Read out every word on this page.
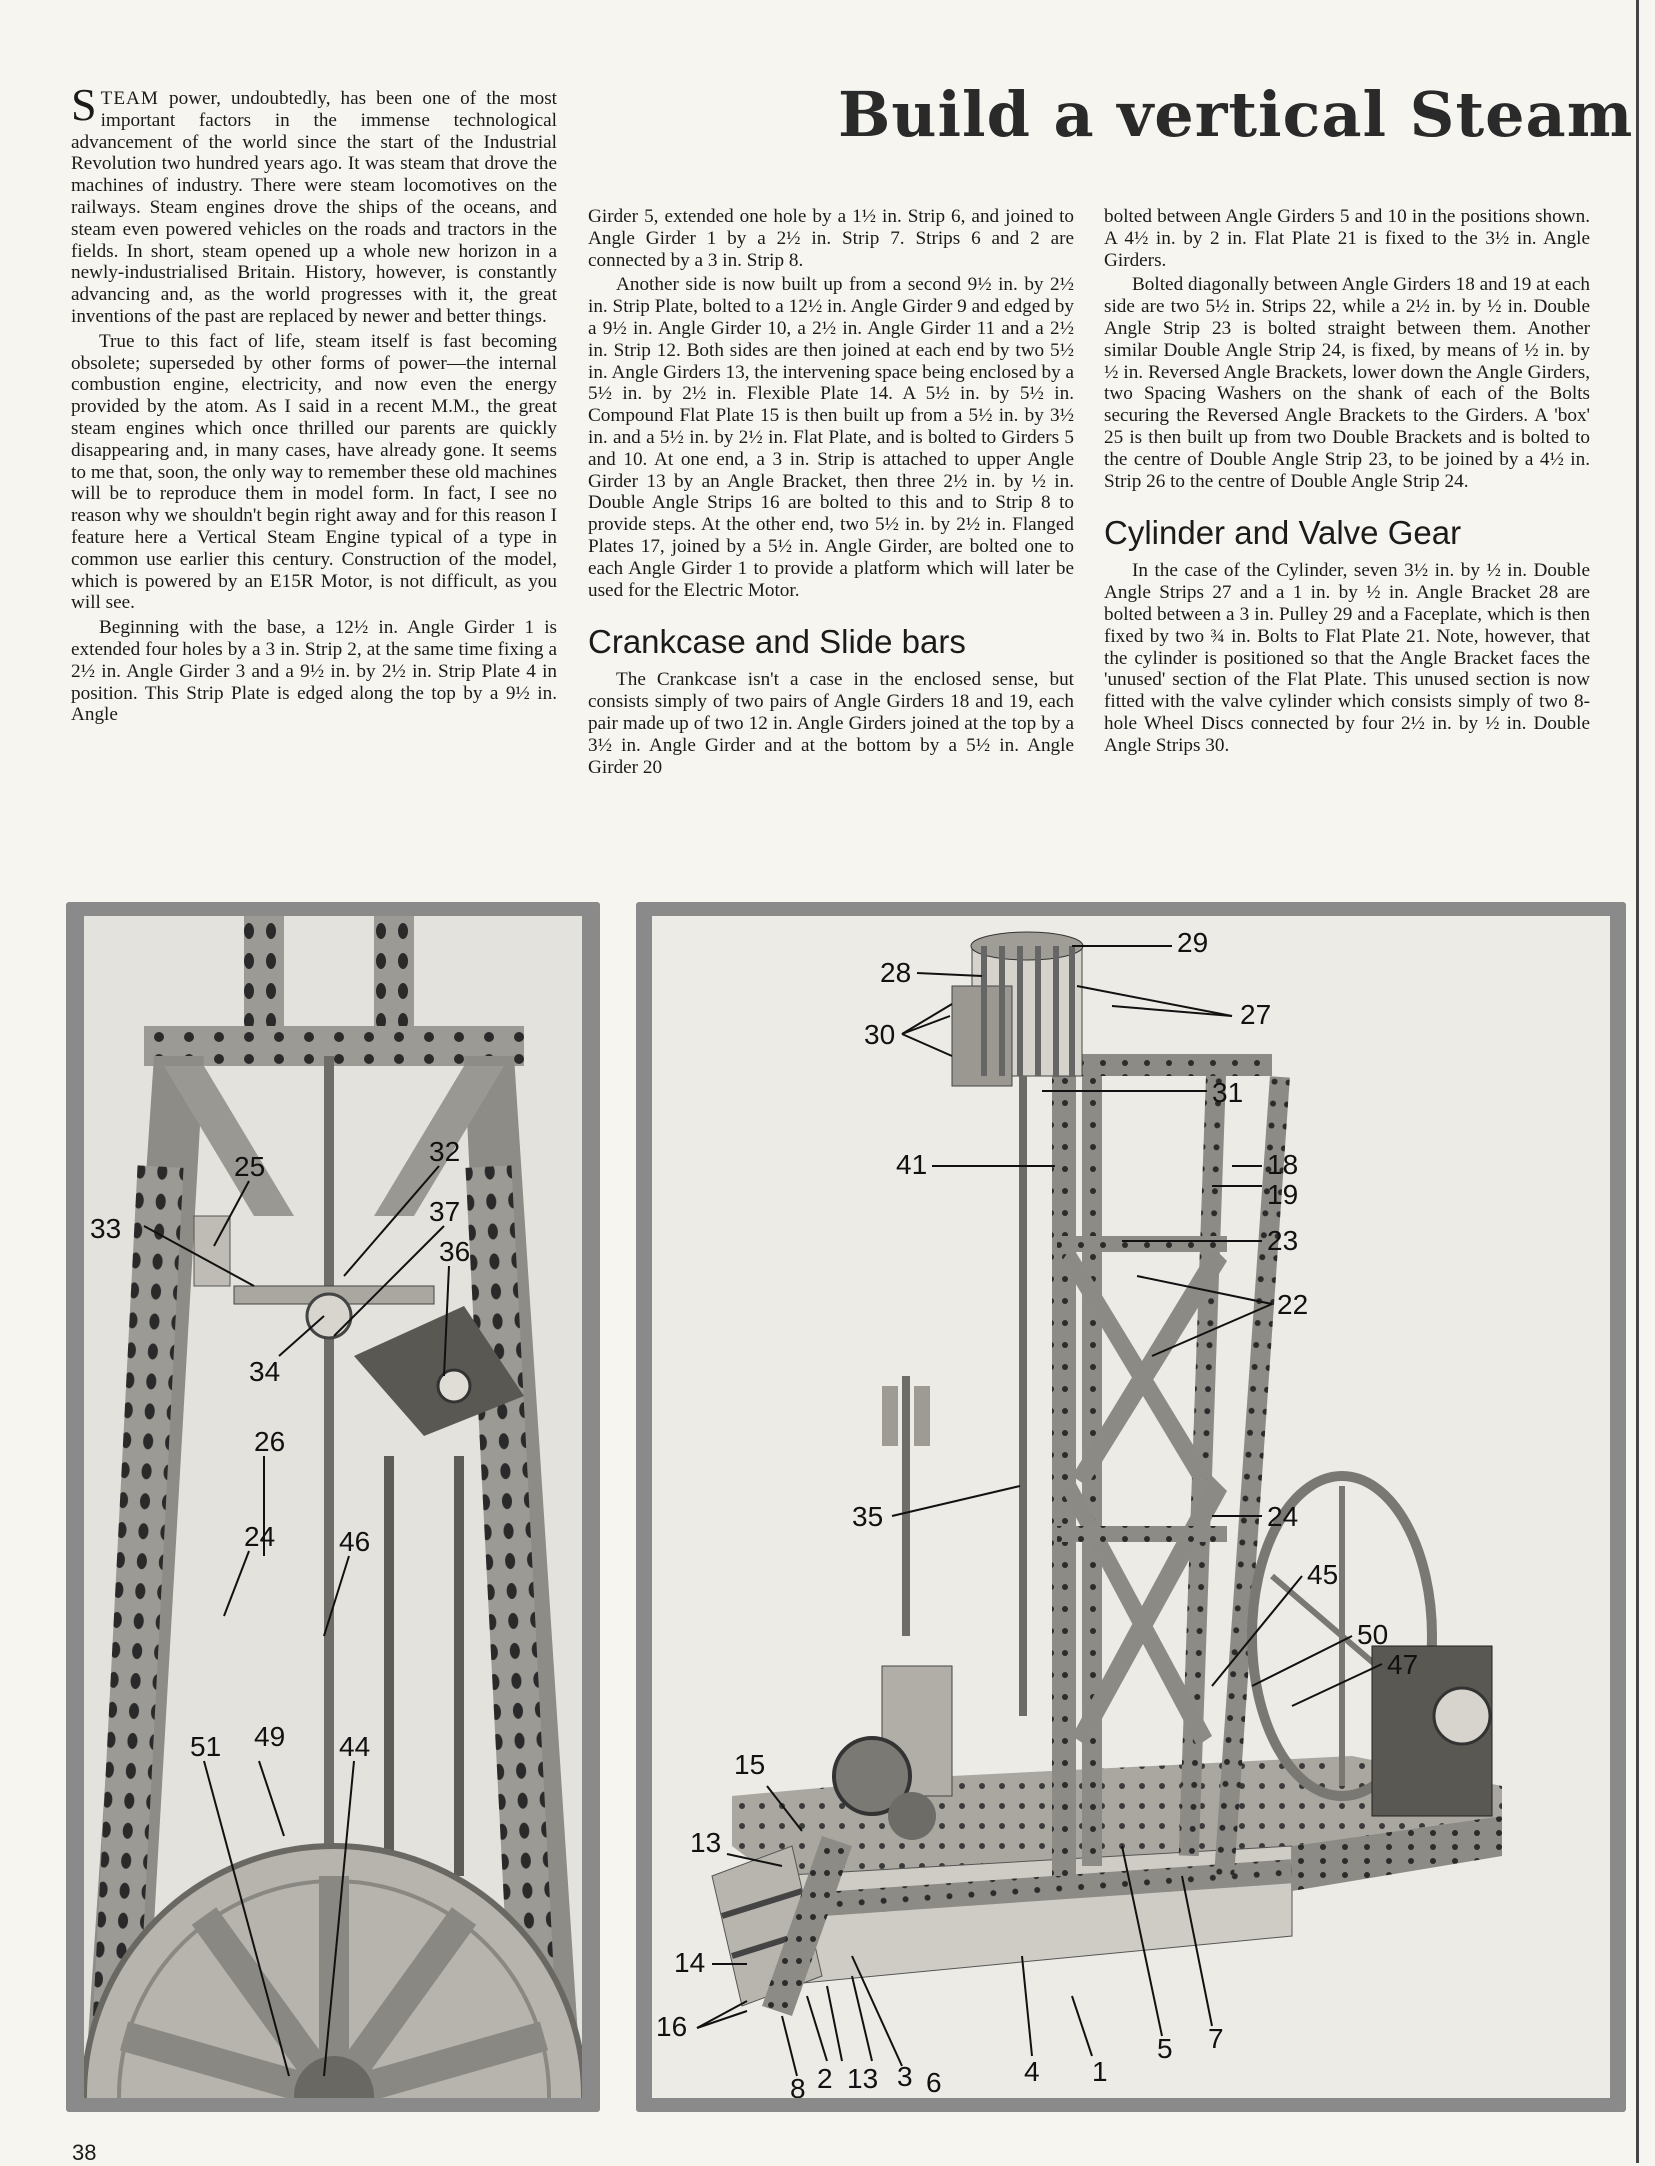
Build a vertical Steam

STEAM power, undoubtedly, has been one of the most important factors in the immense technological advancement of the world since the start of the Industrial Revolution two hundred years ago. It was steam that drove the machines of industry. There were steam locomotives on the railways. Steam engines drove the ships of the oceans, and steam even powered vehicles on the roads and tractors in the fields. In short, steam opened up a whole new horizon in a newly-industrialised Britain. History, however, is constantly advancing and, as the world progresses with it, the great inventions of the past are replaced by newer and better things.

True to this fact of life, steam itself is fast becoming obsolete; superseded by other forms of power—the internal combustion engine, electricity, and now even the energy provided by the atom. As I said in a recent M.M., the great steam engines which once thrilled our parents are quickly disappearing and, in many cases, have already gone. It seems to me that, soon, the only way to remember these old machines will be to reproduce them in model form. In fact, I see no reason why we shouldn't begin right away and for this reason I feature here a Vertical Steam Engine typical of a type in common use earlier this century. Construction of the model, which is powered by an E15R Motor, is not difficult, as you will see.

Beginning with the base, a 12½ in. Angle Girder 1 is extended four holes by a 3 in. Strip 2, at the same time fixing a 2½ in. Angle Girder 3 and a 9½ in. by 2½ in. Strip Plate 4 in position. This Strip Plate is edged along the top by a 9½ in. Angle

Girder 5, extended one hole by a 1½ in. Strip 6, and joined to Angle Girder 1 by a 2½ in. Strip 7. Strips 6 and 2 are connected by a 3 in. Strip 8.

Another side is now built up from a second 9½ in. by 2½ in. Strip Plate, bolted to a 12½ in. Angle Girder 9 and edged by a 9½ in. Angle Girder 10, a 2½ in. Angle Girder 11 and a 2½ in. Strip 12. Both sides are then joined at each end by two 5½ in. Angle Girders 13, the intervening space being enclosed by a 5½ in. by 2½ in. Flexible Plate 14. A 5½ in. by 5½ in. Compound Flat Plate 15 is then built up from a 5½ in. by 3½ in. and a 5½ in. by 2½ in. Flat Plate, and is bolted to Girders 5 and 10. At one end, a 3 in. Strip is attached to upper Angle Girder 13 by an Angle Bracket, then three 2½ in. by ½ in. Double Angle Strips 16 are bolted to this and to Strip 8 to provide steps. At the other end, two 5½ in. by 2½ in. Flanged Plates 17, joined by a 5½ in. Angle Girder, are bolted one to each Angle Girder 1 to provide a platform which will later be used for the Electric Motor.

Crankcase and Slide bars

The Crankcase isn't a case in the enclosed sense, but consists simply of two pairs of Angle Girders 18 and 19, each pair made up of two 12 in. Angle Girders joined at the top by a 3½ in. Angle Girder and at the bottom by a 5½ in. Angle Girder 20

bolted between Angle Girders 5 and 10 in the positions shown. A 4½ in. by 2 in. Flat Plate 21 is fixed to the 3½ in. Angle Girders.

Bolted diagonally between Angle Girders 18 and 19 at each side are two 5½ in. Strips 22, while a 2½ in. by ½ in. Double Angle Strip 23 is bolted straight between them. Another similar Double Angle Strip 24, is fixed, by means of ½ in. by ½ in. Reversed Angle Brackets, lower down the Angle Girders, two Spacing Washers on the shank of each of the Bolts securing the Reversed Angle Brackets to the Girders. A 'box' 25 is then built up from two Double Brackets and is bolted to the centre of Double Angle Strip 23, to be joined by a 4½ in. Strip 26 to the centre of Double Angle Strip 24.

Cylinder and Valve Gear

In the case of the Cylinder, seven 3½ in. by ½ in. Double Angle Strips 27 and a 1 in. by ½ in. Angle Bracket 28 are bolted between a 3 in. Pulley 29 and a Faceplate, which is then fixed by two ¾ in. Bolts to Flat Plate 21. Note, however, that the cylinder is positioned so that the Angle Bracket faces the 'unused' section of the Flat Plate. This unused section is now fitted with the valve cylinder which consists simply of two 8-hole Wheel Discs connected by four 2½ in. by ½ in. Double Angle Strips 30.

25	32
37
33
36
34
26
46
24
51 49 44
29
28
27
30
31
41	18
19
23
22
35	24
45
50
47
15
13
14
16
8 2 13 3 6	4 1
5 7
38
